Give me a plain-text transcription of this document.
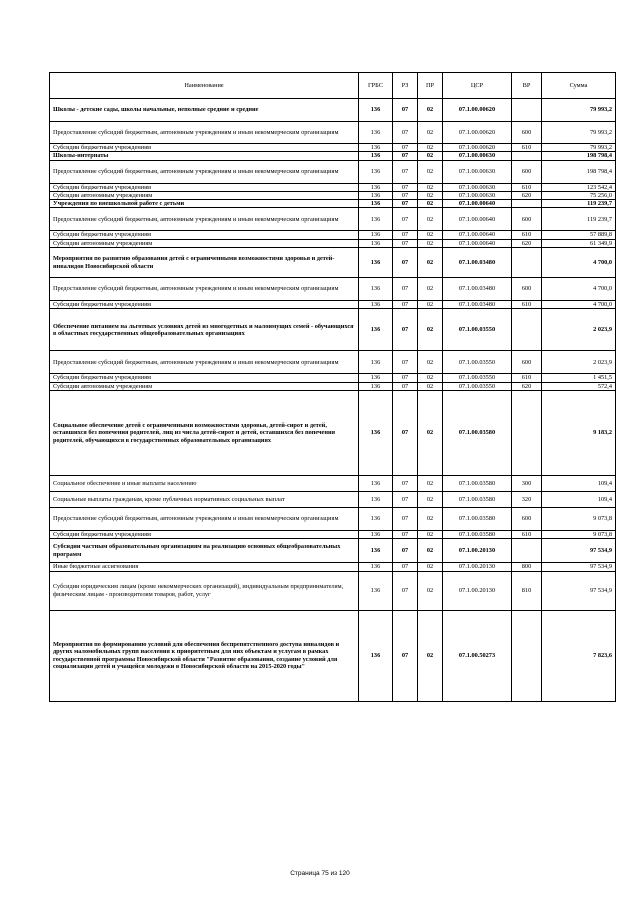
Наименование	ГРБС	РЗ	ПР	ЦСР	ВР	Сумма
Школы - детские сады, школы начальные, неполные средние и средние	136	07	02	07.1.00.00620		79 993,2
Предоставление субсидий бюджетным, автономным учреждениям и иным некоммерческим организациям	136	07	02	07.1.00.00620	600	79 993,2
Субсидии бюджетным учреждениям	136	07	02	07.1.00.00620	610	79 993,2
Школы-интернаты	136	07	02	07.1.00.00630		198 798,4
Предоставление субсидий бюджетным, автономным учреждениям и иным некоммерческим организациям	136	07	02	07.1.00.00630	600	198 798,4
Субсидии бюджетным учреждениям	136	07	02	07.1.00.00630	610	123 542,4
Субсидии автономным учреждениям	136	07	02	07.1.00.00630	620	75 256,0
Учреждения по внешкольной работе с детьми	136	07	02	07.1.00.00640		119 239,7
Предоставление субсидий бюджетным, автономным учреждениям и иным некоммерческим организациям	136	07	02	07.1.00.00640	600	119 239,7
Субсидии бюджетным учреждениям	136	07	02	07.1.00.00640	610	57 889,8
Субсидии автономным учреждениям	136	07	02	07.1.00.00640	620	61 349,9
Мероприятия по развитию образования детей с ограниченными возможностями здоровья и детей-инвалидов Новосибирской области	136	07	02	07.1.00.03480		4 700,0
Предоставление субсидий бюджетным, автономным учреждениям и иным некоммерческим организациям	136	07	02	07.1.00.03480	600	4 700,0
Субсидии бюджетным учреждениям	136	07	02	07.1.00.03480	610	4 700,0
Обеспечение питанием на льготных условиях детей из многодетных и малоимущих семей - обучающихся в областных государственных общеобразовательных организациях	136	07	02	07.1.00.03550		2 023,9
Предоставление субсидий бюджетным, автономным учреждениям и иным некоммерческим организациям	136	07	02	07.1.00.03550	600	2 023,9
Субсидии бюджетным учреждениям	136	07	02	07.1.00.03550	610	1 451,5
Субсидии автономным учреждениям	136	07	02	07.1.00.03550	620	572,4
Социальное обеспечение детей с ограниченными возможностями здоровья, детей-сирот и детей, оставшихся без попечения родителей, лиц из числа детей-сирот и детей, оставшихся без попечения родителей, обучающихся в государственных образовательных организациях	136	07	02	07.1.00.03580		9 183,2
Социальное обеспечение и иные выплаты населению	136	07	02	07.1.00.03580	300	109,4
Социальные выплаты гражданам, кроме публичных нормативных социальных выплат	136	07	02	07.1.00.03580	320	109,4
Предоставление субсидий бюджетным, автономным учреждениям и иным некоммерческим организациям	136	07	02	07.1.00.03580	600	9 073,8
Субсидии бюджетным учреждениям	136	07	02	07.1.00.03580	610	9 073,8
Субсидии частным образовательным организациям на реализацию основных общеобразовательных программ	136	07	02	07.1.00.20130		97 534,9
Иные бюджетные ассигнования	136	07	02	07.1.00.20130	800	97 534,9
Субсидии юридическим лицам (кроме некоммерческих организаций), индивидуальным предпринимателям, физическим лицам - производителям товаров, работ, услуг	136	07	02	07.1.00.20130	810	97 534,9
Мероприятия по формированию условий для обеспечения беспрепятственного доступа инвалидов и других маломобильных групп населения к приоритетным для них объектам и услугам в рамках государственной программы Новосибирской области "Развитие образования, создание условий для социализации детей и учащейся молодежи в Новосибирской области на 2015-2020 годы"	136	07	02	07.1.00.50273		7 823,6
Страница 75 из 120
